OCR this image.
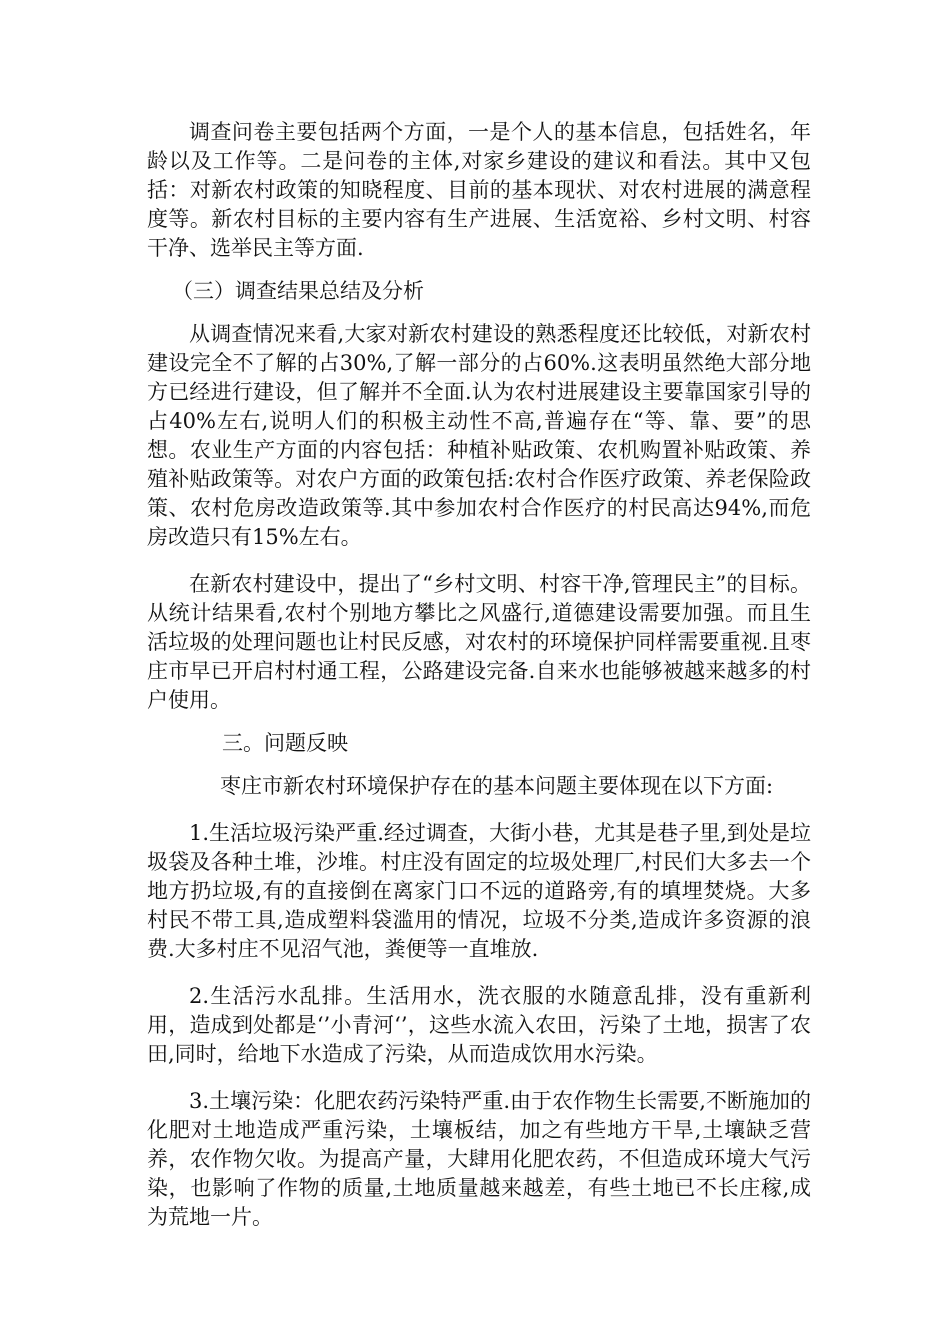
调查问卷主要包括两个方面，一是个人的基本信息，包括姓名，年龄以及工作等。二是问卷的主体,对家乡建设的建议和看法。其中又包括：对新农村政策的知晓程度、目前的基本现状、对农村进展的满意程度等。新农村目标的主要内容有生产进展、生活宽裕、乡村文明、村容干净、选举民主等方面.

（三）调查结果总结及分析

从调查情况来看,大家对新农村建设的熟悉程度还比较低，对新农村建设完全不了解的占30%,了解一部分的占60%.这表明虽然绝大部分地方已经进行建设，但了解并不全面.认为农村进展建设主要靠国家引导的占40%左右,说明人们的积极主动性不高,普遍存在“等、靠、要”的思想。农业生产方面的内容包括：种植补贴政策、农机购置补贴政策、养殖补贴政策等。对农户方面的政策包括:农村合作医疗政策、养老保险政策、农村危房改造政策等.其中参加农村合作医疗的村民高达94%,而危房改造只有15%左右。

在新农村建设中，提出了“乡村文明、村容干净,管理民主”的目标。从统计结果看,农村个别地方攀比之风盛行,道德建设需要加强。而且生活垃圾的处理问题也让村民反感，对农村的环境保护同样需要重视.且枣庄市早已开启村村通工程，公路建设完备.自来水也能够被越来越多的村户使用。

三。问题反映

枣庄市新农村环境保护存在的基本问题主要体现在以下方面:

1.生活垃圾污染严重.经过调查，大街小巷，尤其是巷子里,到处是垃圾袋及各种土堆，沙堆。村庄没有固定的垃圾处理厂,村民们大多去一个地方扔垃圾,有的直接倒在离家门口不远的道路旁,有的填埋焚烧。大多村民不带工具,造成塑料袋滥用的情况，垃圾不分类,造成许多资源的浪费.大多村庄不见沼气池，粪便等一直堆放.

2.生活污水乱排。生活用水，洗衣服的水随意乱排，没有重新利用，造成到处都是‘’小青河‘’，这些水流入农田，污染了土地，损害了农田,同时，给地下水造成了污染，从而造成饮用水污染。

3.土壤污染：化肥农药污染特严重.由于农作物生长需要,不断施加的化肥对土地造成严重污染，土壤板结，加之有些地方干旱,土壤缺乏营养，农作物欠收。为提高产量，大肆用化肥农药，不但造成环境大气污染，也影响了作物的质量,土地质量越来越差，有些土地已不长庄稼,成为荒地一片。
